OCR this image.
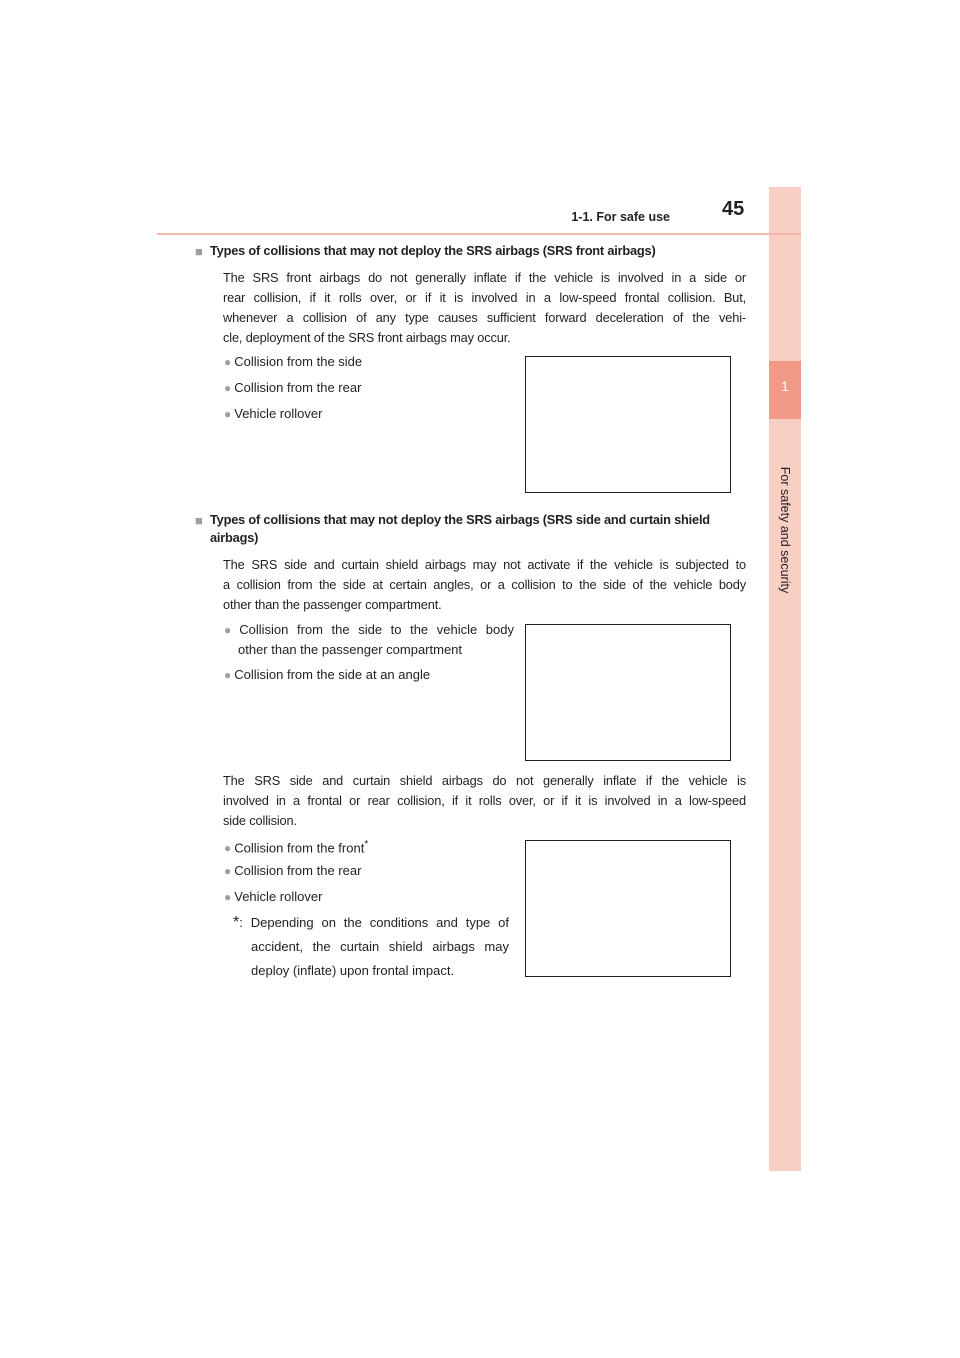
1
For safety and security
1-1. For safe use	45
■ Types of collisions that may not deploy the SRS airbags (SRS front airbags)
The SRS front airbags do not generally inflate if the vehicle is involved in a side or
rear collision, if it rolls over, or if it is involved in a low-speed frontal collision. But,
whenever a collision of any type causes sufficient forward deceleration of the vehi-
cle, deployment of the SRS front airbags may occur.
● Collision from the side
● Collision from the rear
● Vehicle rollover
■ Types of collisions that may not deploy the SRS airbags (SRS side and curtain shield
airbags)
The SRS side and curtain shield airbags may not activate if the vehicle is subjected to
a collision from the side at certain angles, or a collision to the side of the vehicle body
other than the passenger compartment.
● Collision from the side to the vehicle body
other than the passenger compartment
● Collision from the side at an angle
The SRS side and curtain shield airbags do not generally inflate if the vehicle is
involved in a frontal or rear collision, if it rolls over, or if it is involved in a low-speed
side collision.
● Collision from the front*
● Collision from the rear
● Vehicle rollover
*: Depending on the conditions and type of
accident, the curtain shield airbags may
deploy (inflate) upon frontal impact.
